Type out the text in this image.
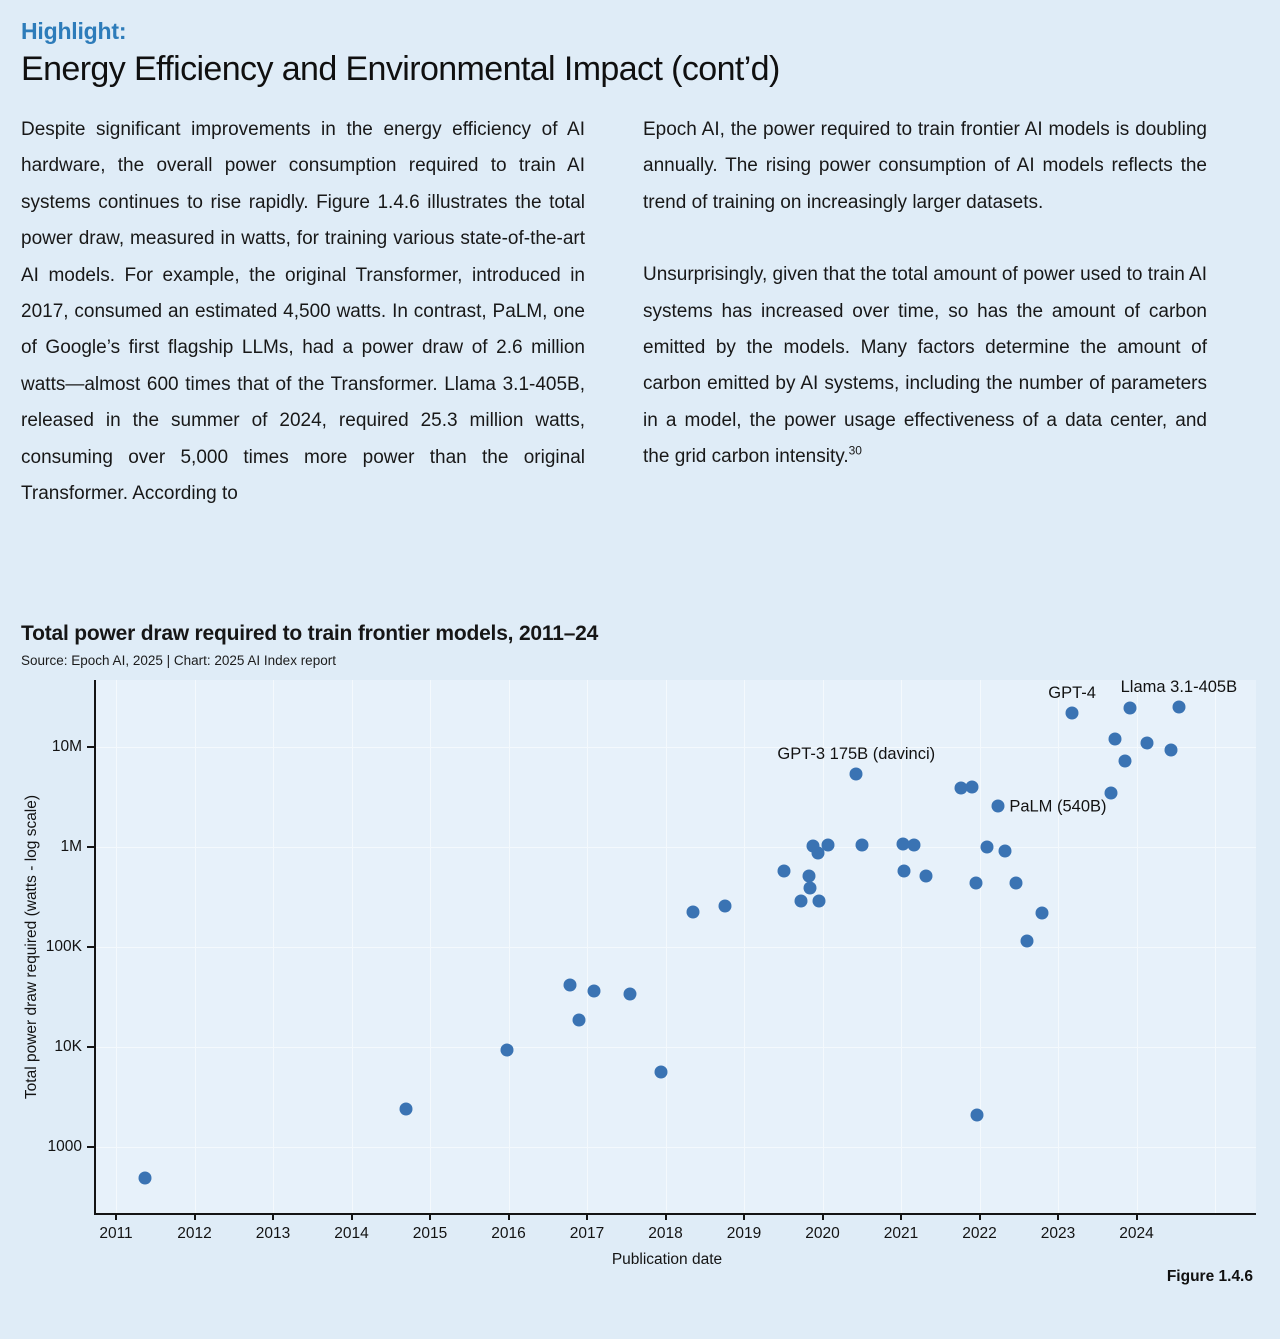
Highlight:
Energy Efficiency and Environmental Impact (cont’d)

Despite significant improvements in the energy efficiency of AI hardware, the overall power consumption required to train AI systems continues to rise rapidly. Figure 1.4.6 illustrates the total power draw, measured in watts, for training various state-of-the-art AI models. For example, the original Transformer, introduced in 2017, consumed an estimated 4,500 watts. In contrast, PaLM, one of Google’s first flagship LLMs, had a power draw of 2.6 million watts—almost 600 times that of the Transformer. Llama 3.1-405B, released in the summer of 2024, required 25.3 million watts, consuming over 5,000 times more power than the original Transformer. According to

Epoch AI, the power required to train frontier AI models is doubling annually. The rising power consumption of AI models reflects the trend of training on increasingly larger datasets.

Unsurprisingly, given that the total amount of power used to train AI systems has increased over time, so has the amount of carbon emitted by the models. Many factors determine the amount of carbon emitted by AI systems, including the number of parameters in a model, the power usage effectiveness of a data center, and the grid carbon intensity.$^{30}$

Total power draw required to train frontier models, 2011–24
Source: Epoch AI, 2025 | Chart: 2025 AI Index report
1000
10K
100K
1M
10M
2011	2012	2013	2014	2015	2016	2017	2018	2019	2020	2021	2022	2023	2024
GPT-3 175B (davinci)
PaLM (540B)
GPT-4 Llama 3.1-405B
Publication date
Total power draw required (watts - log scale)
Figure 1.4.6
